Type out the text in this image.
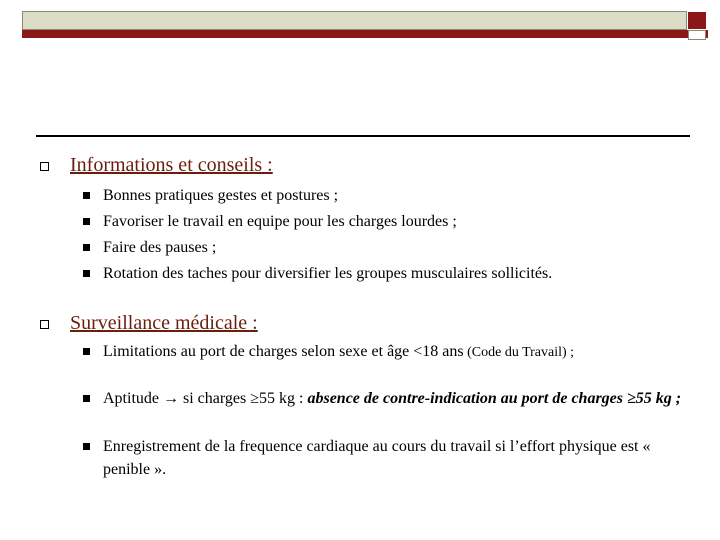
Informations et conseils :
Bonnes pratiques gestes et postures ;
Favoriser le travail en equipe pour les charges lourdes ;
Faire des pauses ;
Rotation des taches pour diversifier les groupes musculaires sollicités.
Surveillance médicale :
Limitations au port de charges selon sexe et âge <18 ans (Code du Travail) ;
Aptitude → si charges ≥55 kg : absence de contre-indication au port de charges ≥55 kg ;
Enregistrement de la frequence cardiaque au cours du travail si l’effort physique est « penible ».
